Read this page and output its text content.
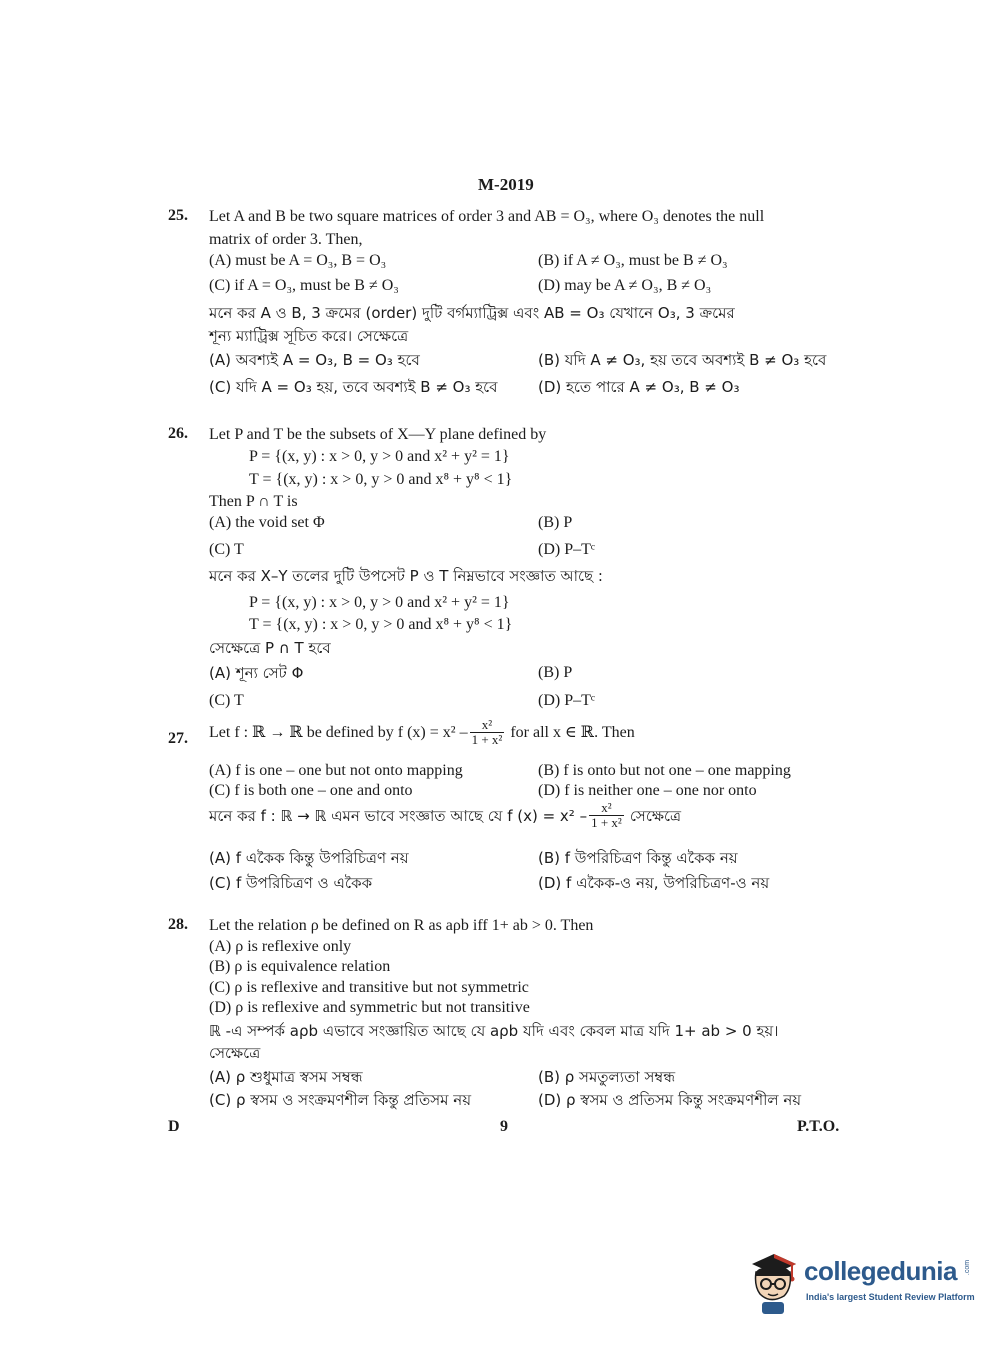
M-2019
25. Let A and B be two square matrices of order 3 and AB = O₃, where O₃ denotes the null
matrix of order 3. Then,
(A) must be A = O₃, B = O₃	(B) if A ≠ O₃, must be B ≠ O₃
(C) if A = O₃, must be B ≠ O₃	(D) may be A ≠ O₃, B ≠ O₃
মনে কর A ও B, 3 ক্রমের (order) দুটি বর্গম্যাট্রিক্স এবং AB = O₃ যেখানে O₃, 3 ক্রমের
শূন্য ম্যাট্রিক্স সূচিত করে। সেক্ষেত্রে
(A) অবশ্যই A = O₃, B = O₃ হবে	(B) যদি A ≠ O₃, হয় তবে অবশ্যই B ≠ O₃ হবে
(C) যদি A = O₃ হয়, তবে অবশ্যই B ≠ O₃ হবে	(D) হতে পারে A ≠ O₃, B ≠ O₃
26. Let P and T be the subsets of X—Y plane defined by
P = {(x, y) : x > 0, y > 0 and x² + y² = 1}
T = {(x, y) : x > 0, y > 0 and x⁸ + y⁸ < 1}
Then P ∩ T is
(A) the void set Φ	(B) P
(C) T	(D) P–Tᶜ
মনে কর X–Y তলের দুটি উপসেট P ও T নিম্নভাবে সংজ্ঞাত আছে :
P = {(x, y) : x > 0, y > 0 and x² + y² = 1}
T = {(x, y) : x > 0, y > 0 and x⁸ + y⁸ < 1}
সেক্ষেত্রে P ∩ T হবে
(A) শূন্য সেট Φ	(B) P
(C) T	(D) P–Tᶜ
27. Let f : ℝ → ℝ be defined by f $(x) = x^2 - \frac{\text{x²}}{\text{1 + x²}}$ for all x ∈ ℝ. Then
(A) f is one – one but not onto mapping	(B) f is onto but not one – one mapping
(C) f is both one – one and onto	(D) f is neither one – one nor onto
মনে কর f : ℝ → ℝ এমন ভাবে সংজ্ঞাত আছে যে f $(x) = x^2 - \frac{\text{x²}}{\text{1 + x²}}$ সেক্ষেত্রে
(A) f একৈক কিন্তু উপরিচিত্রণ নয়	(B) f উপরিচিত্রণ কিন্তু একৈক নয়
(C) f উপরিচিত্রণ ও একৈক	(D) f একৈক-ও নয়, উপরিচিত্রণ-ও নয়
28. Let the relation ρ be defined on R as aρb iff 1+ ab > 0. Then
(A) ρ is reflexive only
(B) ρ is equivalence relation
(C) ρ is reflexive and transitive but not symmetric
(D) ρ is reflexive and symmetric but not transitive
ℝ -এ সম্পর্ক aρb এভাবে সংজ্ঞায়িত আছে যে aρb যদি এবং কেবল মাত্র যদি 1+ ab > 0 হয়।
সেক্ষেত্রে
(A) ρ শুধুমাত্র স্বসম সম্বন্ধ	(B) ρ সমতুল্যতা সম্বন্ধ
(C) ρ স্বসম ও সংক্রমণশীল কিন্তু প্রতিসম নয়	(D) ρ স্বসম ও প্রতিসম কিন্তু সংক্রমণশীল নয়
D	9	P.T.O.
collegedunia .com
India's largest Student Review Platform
